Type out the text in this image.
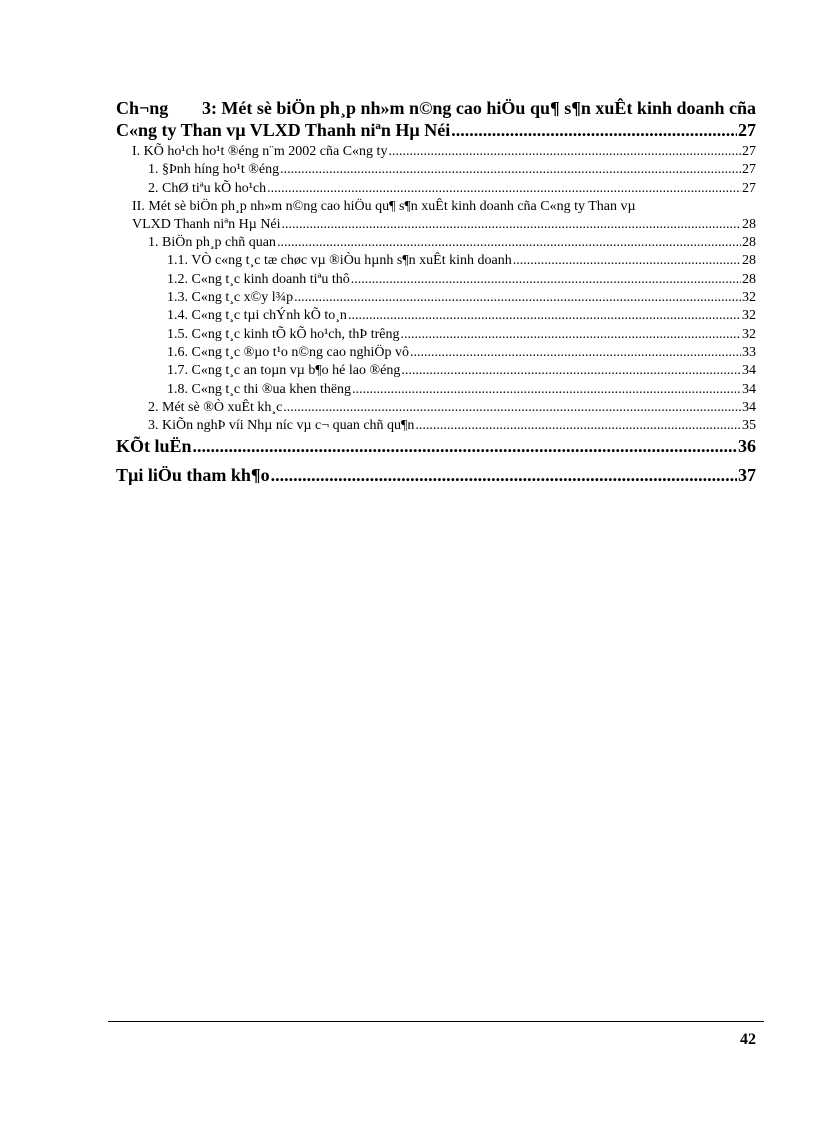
Ch¬ng 3: Mét sè biÖn ph¸p nh»m n©ng cao hiÖu qu¶ s¶n xuÊt kinh doanh cña
C«ng ty Than vµ VLXD Thanh niªn Hµ Néi .....	27
I. KÕ ho¹ch ho¹t ®éng n¨m 2002 cña C«ng ty .....	27
1. §Þnh híng ho¹t ®éng .....	27
2. ChØ tiªu kÕ ho¹ch .....	27
II. Mét sè biÖn ph¸p nh»m n©ng cao hiÖu qu¶ s¶n xuÊt kinh doanh cña C«ng ty Than vµ
VLXD Thanh niªn Hµ Néi .....	28
1. BiÖn ph¸p chñ quan .....	28
1.1. VÒ c«ng t¸c tæ chøc vµ ®iÒu hµnh s¶n xuÊt kinh doanh .....	28
1.2. C«ng t¸c kinh doanh tiªu thô .....	28
1.3. C«ng t¸c x©y l¾p .....	32
1.4. C«ng t¸c tµi chÝnh kÕ to¸n .....	32
1.5. C«ng t¸c kinh tÕ kÕ ho¹ch, thÞ trêng .....	32
1.6. C«ng t¸c ®µo t¹o n©ng cao nghiÖp vô .....	33
1.7. C«ng t¸c an toµn vµ b¶o hé lao ®éng .....	34
1.8. C«ng t¸c thi ®ua khen thëng .....	34
2. Mét sè ®Ò xuÊt kh¸c .....	34
3. KiÕn nghÞ víi Nhµ níc vµ c¬ quan chñ qu¶n .....	35
KÕt luËn .....	36
Tµi liÖu tham kh¶o .....	37
42
